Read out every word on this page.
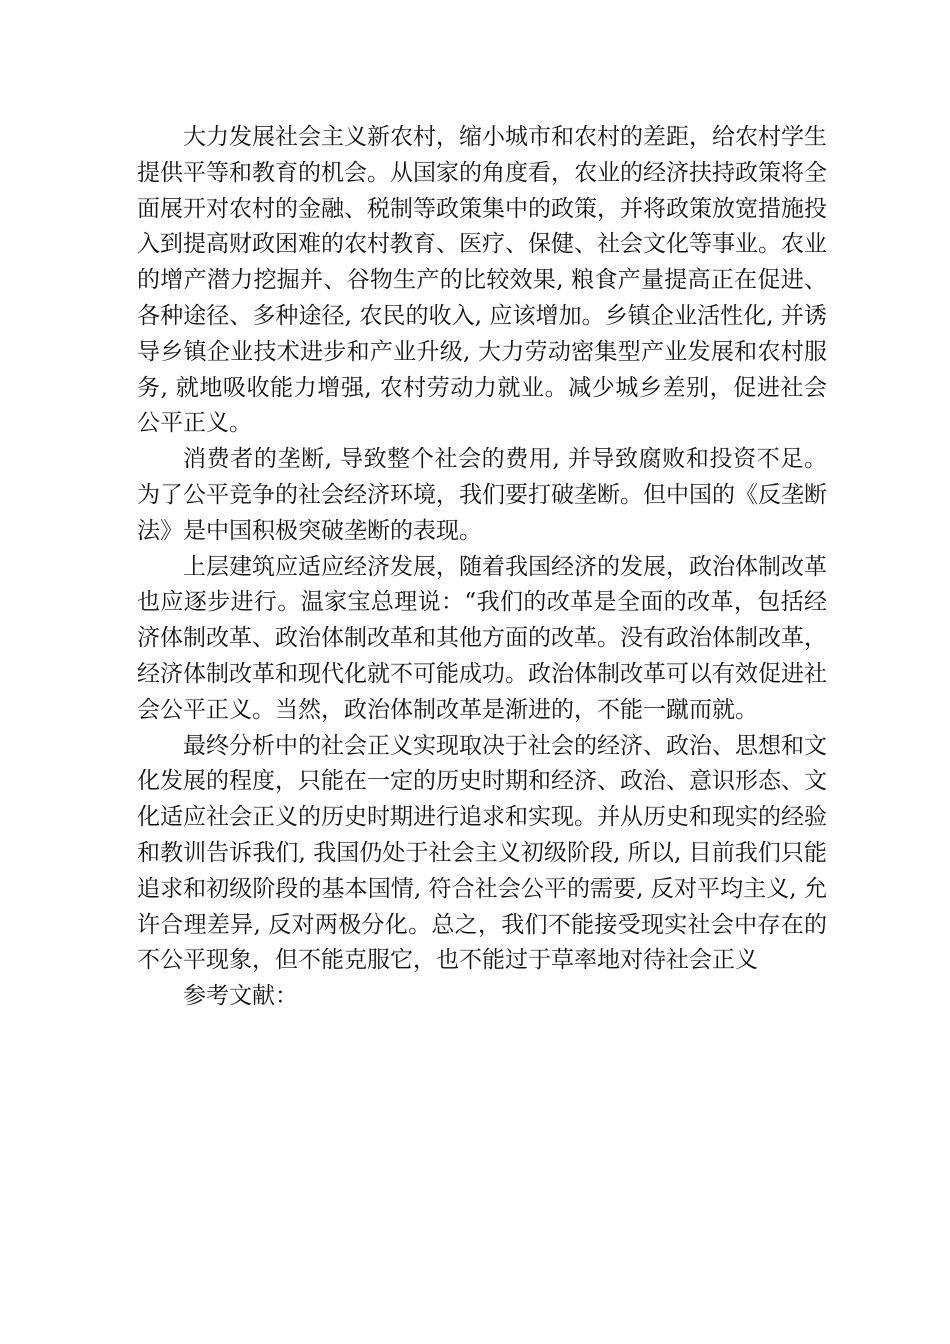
大力发展社会主义新农村，缩小城市和农村的差距，给农村学生提供平等和教育的机会。从国家的角度看，农业的经济扶持政策将全面展开对农村的金融、税制等政策集中的政策，并将政策放宽措施投入到提高财政困难的农村教育、医疗、保健、社会文化等事业。农业的增产潜力挖掘并、谷物生产的比较效果, 粮食产量提高正在促进、各种途径、多种途径, 农民的收入, 应该增加。乡镇企业活性化, 并诱导乡镇企业技术进步和产业升级, 大力劳动密集型产业发展和农村服务, 就地吸收能力增强, 农村劳动力就业。减少城乡差别，促进社会公平正义。

消费者的垄断, 导致整个社会的费用, 并导致腐败和投资不足。为了公平竞争的社会经济环境，我们要打破垄断。但中国的《反垄断法》是中国积极突破垄断的表现。

上层建筑应适应经济发展，随着我国经济的发展，政治体制改革也应逐步进行。温家宝总理说：“我们的改革是全面的改革，包括经济体制改革、政治体制改革和其他方面的改革。没有政治体制改革，经济体制改革和现代化就不可能成功。政治体制改革可以有效促进社会公平正义。当然，政治体制改革是渐进的，不能一蹴而就。

最终分析中的社会正义实现取决于社会的经济、政治、思想和文化发展的程度，只能在一定的历史时期和经济、政治、意识形态、文化适应社会正义的历史时期进行追求和实现。并从历史和现实的经验和教训告诉我们, 我国仍处于社会主义初级阶段, 所以, 目前我们只能追求和初级阶段的基本国情, 符合社会公平的需要, 反对平均主义, 允许合理差异, 反对两极分化。总之，我们不能接受现实社会中存在的不公平现象，但不能克服它，也不能过于草率地对待社会正义

参考文献：
